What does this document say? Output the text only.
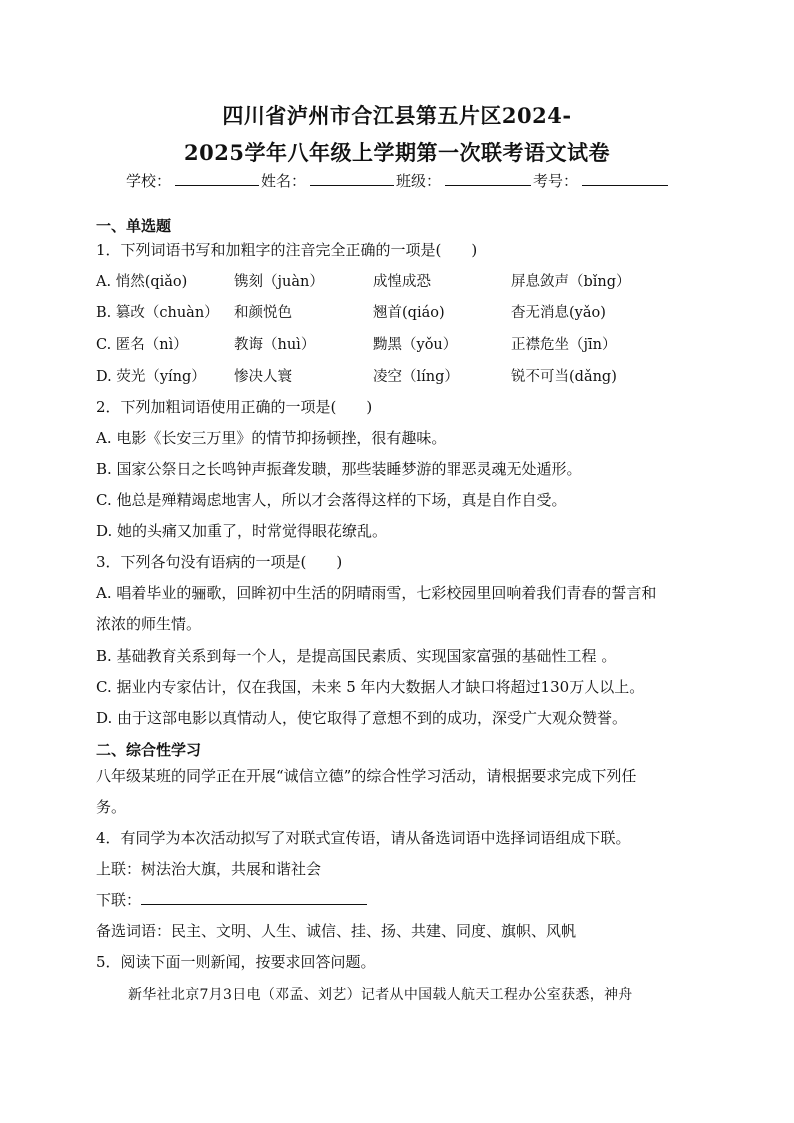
四川省泸州市合江县第五片区2024-
2025学年八年级上学期第一次联考语文试卷
学校：	姓名：	班级：	考号：
一、单选题
1．下列词语书写和加粗字的注音完全正确的一项是(　　)
A. 悄然(qiǎo)	镌刻（juàn）	成惶成恐	屏息敛声（bǐng）
B. 篡改（chuàn） 和颜悦色	翘首(qiáo)	杳无消息(yǎo)
C. 匿名（nì）	教诲（huì）	黝黑（yǒu）	正襟危坐（jīn）
D. 荧光（yíng） 惨决人寰	凌空（líng）	锐不可当(dǎng)
2．下列加粗词语使用正确的一项是(　　)
A. 电影《长安三万里》的情节抑扬顿挫，很有趣味。
B. 国家公祭日之长鸣钟声振聋发聩，那些装睡梦游的罪恶灵魂无处遁形。
C. 他总是殚精竭虑地害人，所以才会落得这样的下场，真是自作自受。
D. 她的头痛又加重了，时常觉得眼花缭乱。
3．下列各句没有语病的一项是(　　)
A. 唱着毕业的骊歌，回眸初中生活的阴晴雨雪，七彩校园里回响着我们青春的誓言和
浓浓的师生情。
B. 基础教育关系到每一个人，是提高国民素质、实现国家富强的基础性工程 。
C. 据业内专家估计，仅在我国，未来 5 年内大数据人才缺口将超过130万人以上。
D. 由于这部电影以真情动人，使它取得了意想不到的成功，深受广大观众赞誉。
二、综合性学习
八年级某班的同学正在开展“诚信立德”的综合性学习活动，请根据要求完成下列任
务。
4．有同学为本次活动拟写了对联式宣传语，请从备选词语中选择词语组成下联。
上联：树法治大旗，共展和谐社会
下联：
备选词语：民主、文明、人生、诚信、挂、扬、共建、同度、旗帜、风帆
5．阅读下面一则新闻，按要求回答问题。
新华社北京7月3日电（邓孟、刘艺）记者从中国载人航天工程办公室获悉，神舟
